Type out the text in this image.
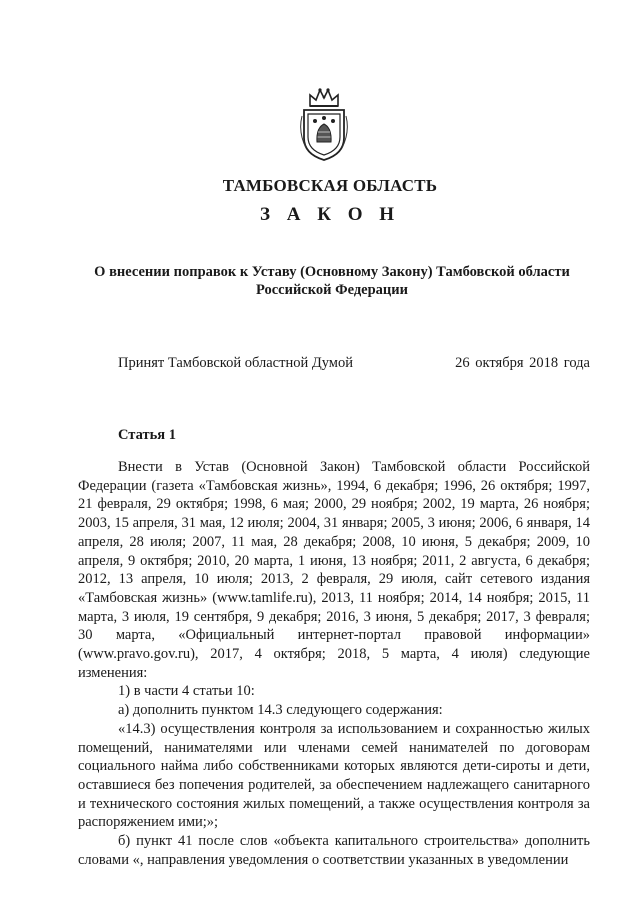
ТАМБОВСКАЯ ОБЛАСТЬ
З А К О Н
О внесении поправок к Уставу (Основному Закону) Тамбовской области Российской Федерации
Принят Тамбовской областной Думой	26 октября 2018 года
Статья 1

Внести в Устав (Основной Закон) Тамбовской области Российской Федерации (газета «Тамбовская жизнь», 1994, 6 декабря; 1996, 26 октября; 1997, 21 февраля, 29 октября; 1998, 6 мая; 2000, 29 ноября; 2002, 19 марта, 26 ноября; 2003, 15 апреля, 31 мая, 12 июля; 2004, 31 января; 2005, 3 июня; 2006, 6 января, 14 апреля, 28 июля; 2007, 11 мая, 28 декабря; 2008, 10 июня, 5 декабря; 2009, 10 апреля, 9 октября; 2010, 20 марта, 1 июня, 13 ноября; 2011, 2 августа, 6 декабря; 2012, 13 апреля, 10 июля; 2013, 2 февраля, 29 июля, сайт сетевого издания «Тамбовская жизнь» (www.tamlife.ru), 2013, 11 ноября; 2014, 14 ноября; 2015, 11 марта, 3 июля, 19 сентября, 9 декабря; 2016, 3 июня, 5 декабря; 2017, 3 февраля; 30 марта, «Официальный интернет-портал правовой информации» (www.pravo.gov.ru), 2017, 4 октября; 2018, 5 марта, 4 июля) следующие изменения:

1) в части 4 статьи 10:

а) дополнить пунктом 14.3 следующего содержания:

«14.3) осуществления контроля за использованием и сохранностью жилых помещений, нанимателями или членами семей нанимателей по договорам социального найма либо собственниками которых являются дети-сироты и дети, оставшиеся без попечения родителей, за обеспечением надлежащего санитарного и технического состояния жилых помещений, а также осуществления контроля за распоряжением ими;»;

б) пункт 41 после слов «объекта капитального строительства» дополнить словами «, направления уведомления о соответствии указанных в уведомлении
